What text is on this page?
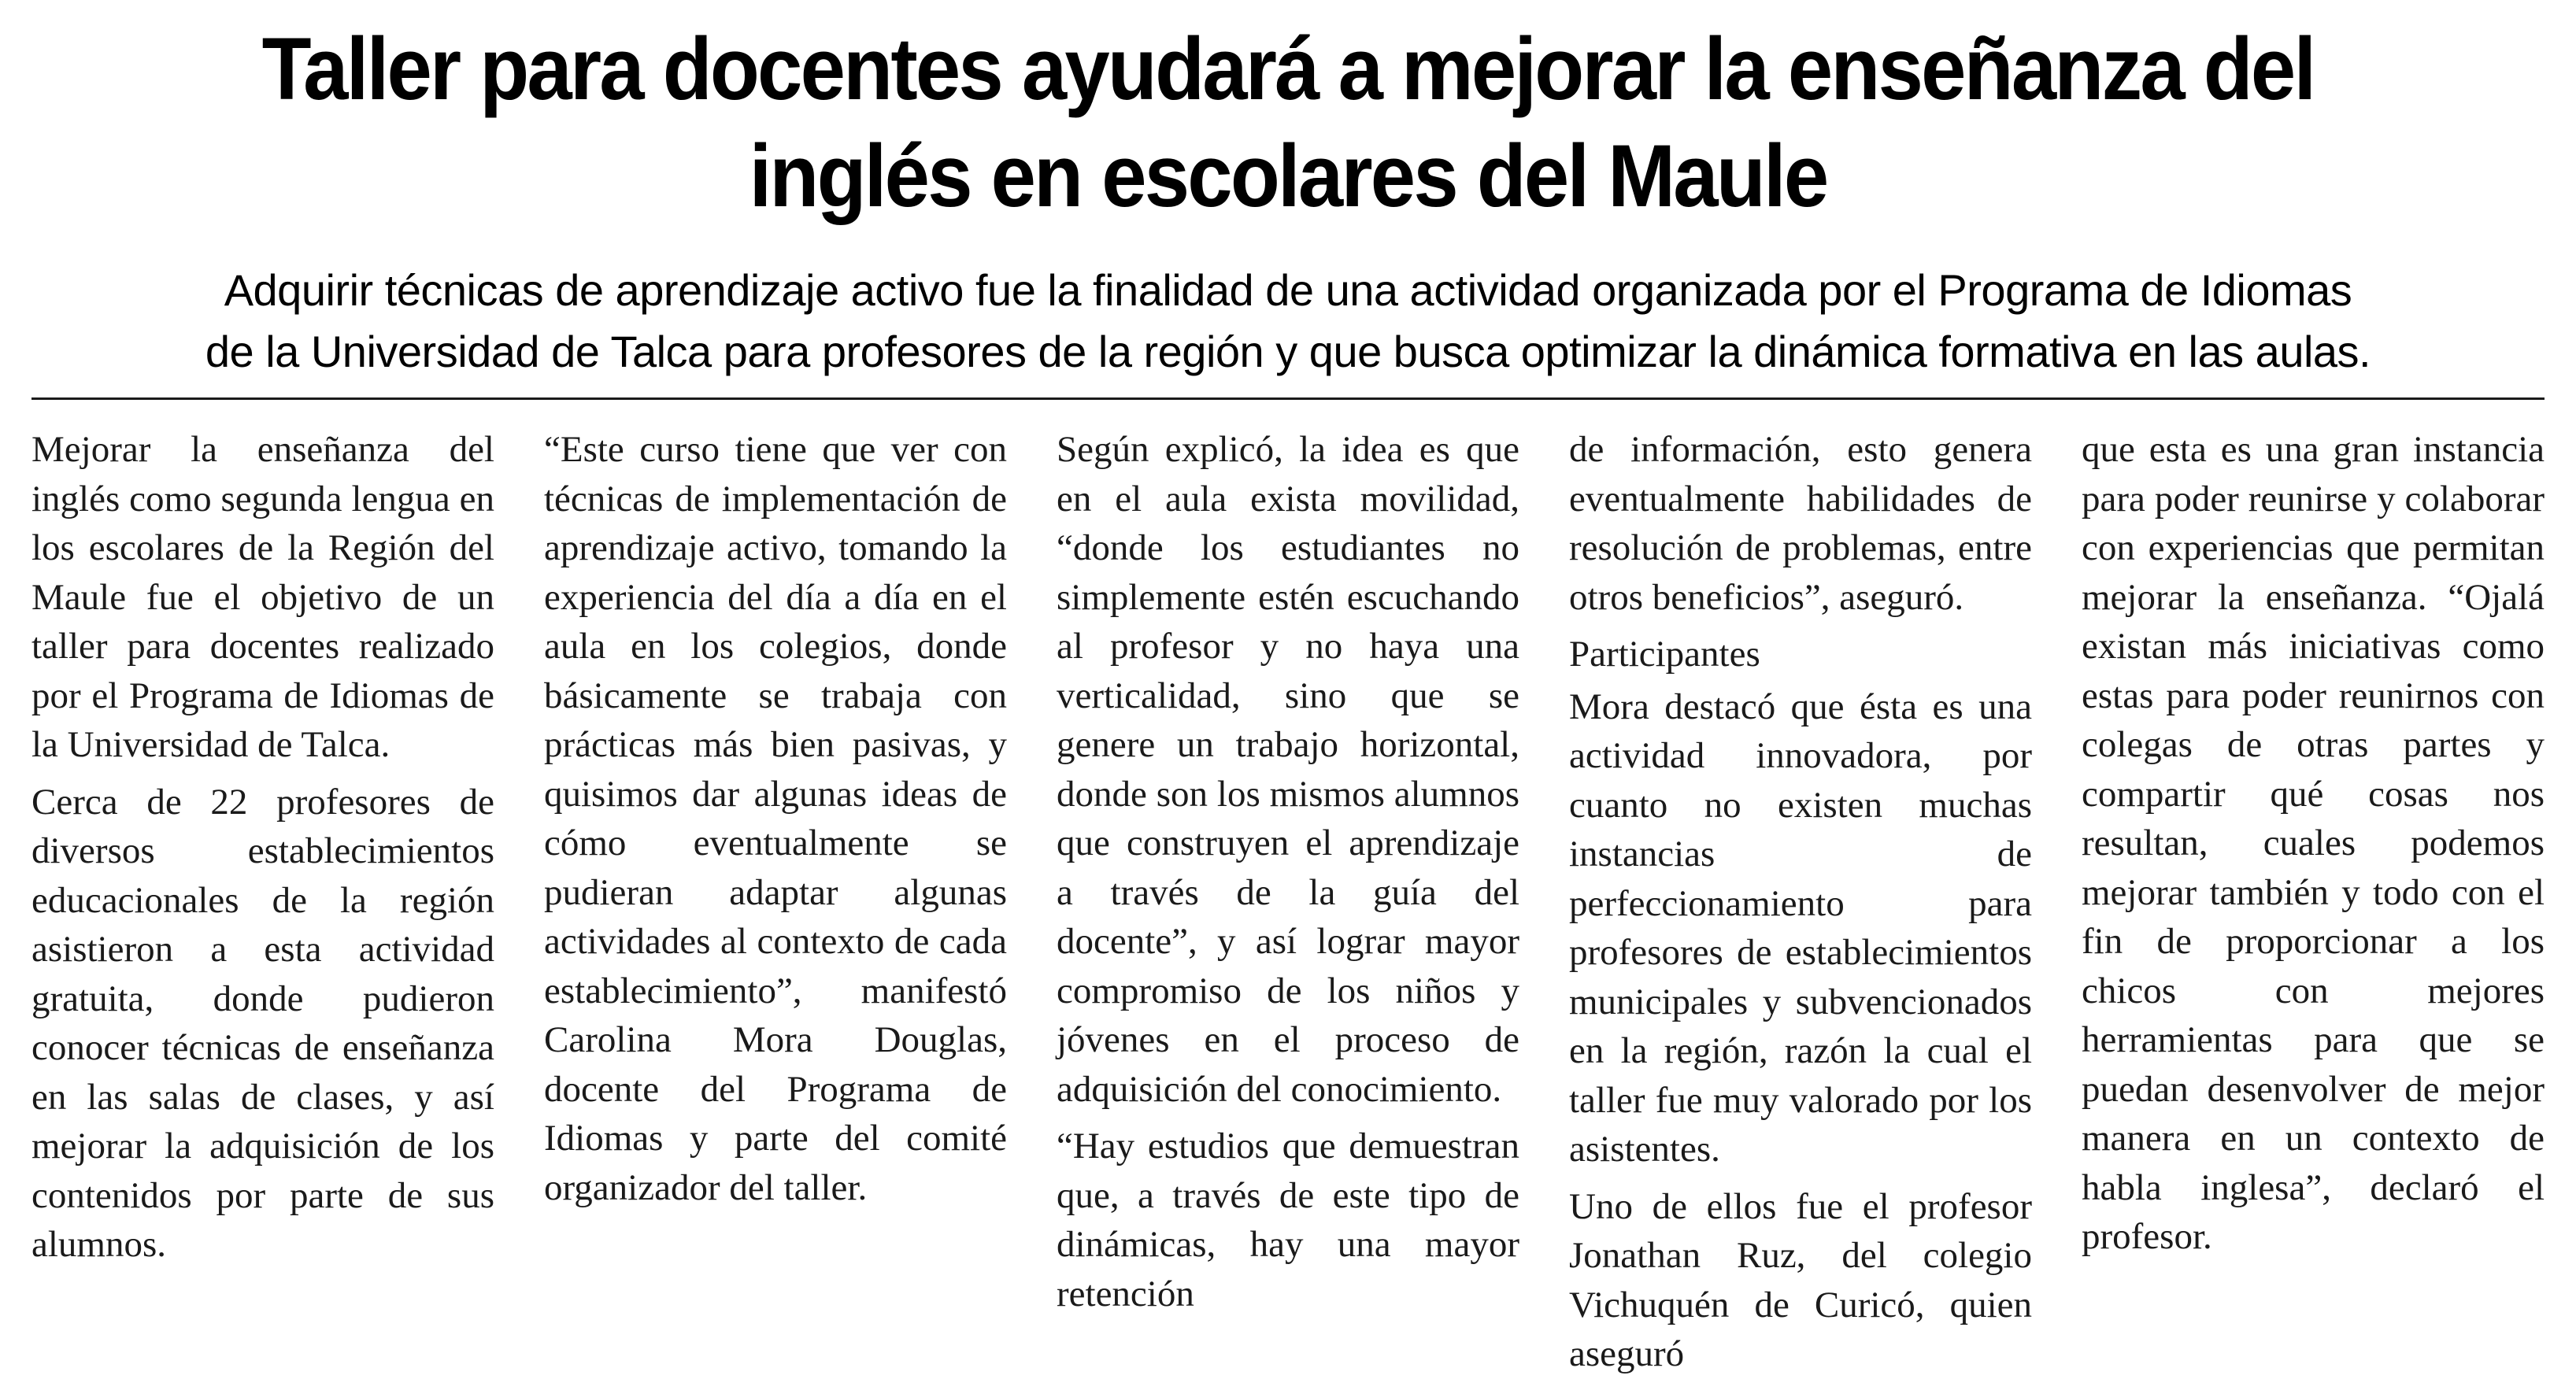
Taller para docentes ayudará a mejorar la enseñanza del
inglés en escolares del Maule
Adquirir técnicas de aprendizaje activo fue la finalidad de una actividad organizada por el Programa de Idiomas
de la Universidad de Talca para profesores de la región y que busca optimizar la dinámica formativa en las aulas.

Mejorar la enseñanza del inglés como segunda lengua en los escolares de la Región del Maule fue el objetivo de un taller para docentes realizado por el Programa de Idiomas de la Universidad de Talca.

Cerca de 22 profesores de diversos establecimientos educacionales de la región asistieron a esta actividad gratuita, donde pudieron conocer técnicas de enseñanza en las salas de clases, y así mejorar la adquisición de los contenidos por parte de sus alumnos.

“Este curso tiene que ver con técnicas de implementación de aprendizaje activo, tomando la experiencia del día a día en el aula en los colegios, donde básicamente se trabaja con prácticas más bien pasivas, y quisimos dar algunas ideas de cómo eventualmente se pudieran adaptar algunas actividades al contexto de cada establecimiento”, manifestó Carolina Mora Douglas, docente del Programa de Idiomas y parte del comité organizador del taller.

Según explicó, la idea es que en el aula exista movilidad, “donde los estudiantes no simplemente estén escuchando al profesor y no haya una verticalidad, sino que se genere un trabajo horizontal, donde son los mismos alumnos que construyen el aprendizaje a través de la guía del docente”, y así lograr mayor compromiso de los niños y jóvenes en el proceso de adquisición del conocimiento.

“Hay estudios que demuestran que, a través de este tipo de dinámicas, hay una mayor retención

de información, esto genera eventualmente habilidades de resolución de problemas, entre otros beneficios”, aseguró.

Participantes

Mora destacó que ésta es una actividad innovadora, por cuanto no existen muchas instancias de perfeccionamiento para profesores de establecimientos municipales y subvencionados en la región, razón la cual el taller fue muy valorado por los asistentes.

Uno de ellos fue el profesor Jonathan Ruz, del colegio Vichuquén de Curicó, quien aseguró

que esta es una gran instancia para poder reunirse y colaborar con experiencias que permitan mejorar la enseñanza. “Ojalá existan más iniciativas como estas para poder reunirnos con colegas de otras partes y compartir qué cosas nos resultan, cuales podemos mejorar también y todo con el fin de proporcionar a los chicos con mejores herramientas para que se puedan desenvolver de mejor manera en un contexto de habla inglesa”, declaró el profesor.
